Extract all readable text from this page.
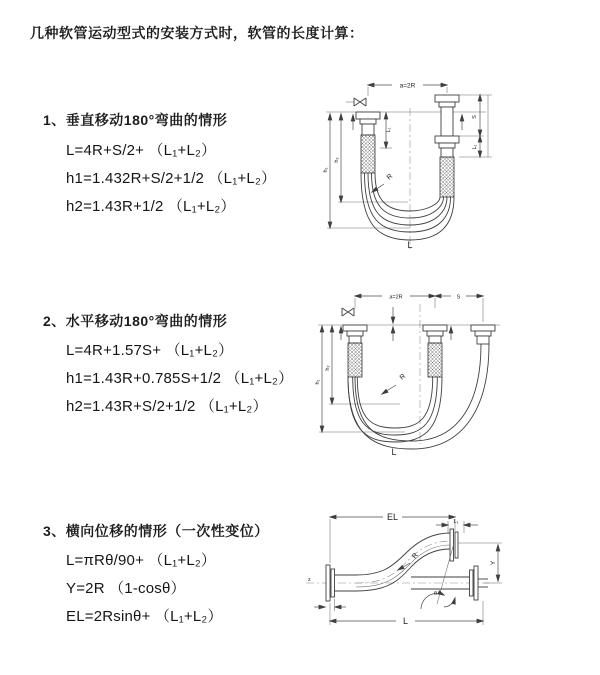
几种软管运动型式的安装方式时，软管的长度计算：
1、垂直移动180°弯曲的情形
L=4R+S/2+ （L₁+L₂）
h1=1.432R+S/2+1/2 （L₁+L₂）
h2=1.43R+1/2 （L₁+L₂）
a=2R
L₁
S
L₁
h₁
h₂
R
L
2、水平移动180°弯曲的情形
L=4R+1.57S+ （L₁+L₂）
h1=1.43R+0.785S+1/2 （L₁+L₂）
h2=1.43R+S/2+1/2 （L₁+L₂）
a=2R	S
h₁
h₂
R
L
3、横向位移的情形（一次性变位）
L=πRθ/90+ （L₁+L₂）
Y=2R （1-cosθ）
EL=2Rsinθ+ （L₁+L₂）
EL	L₁
z
Y
R
θ
L
